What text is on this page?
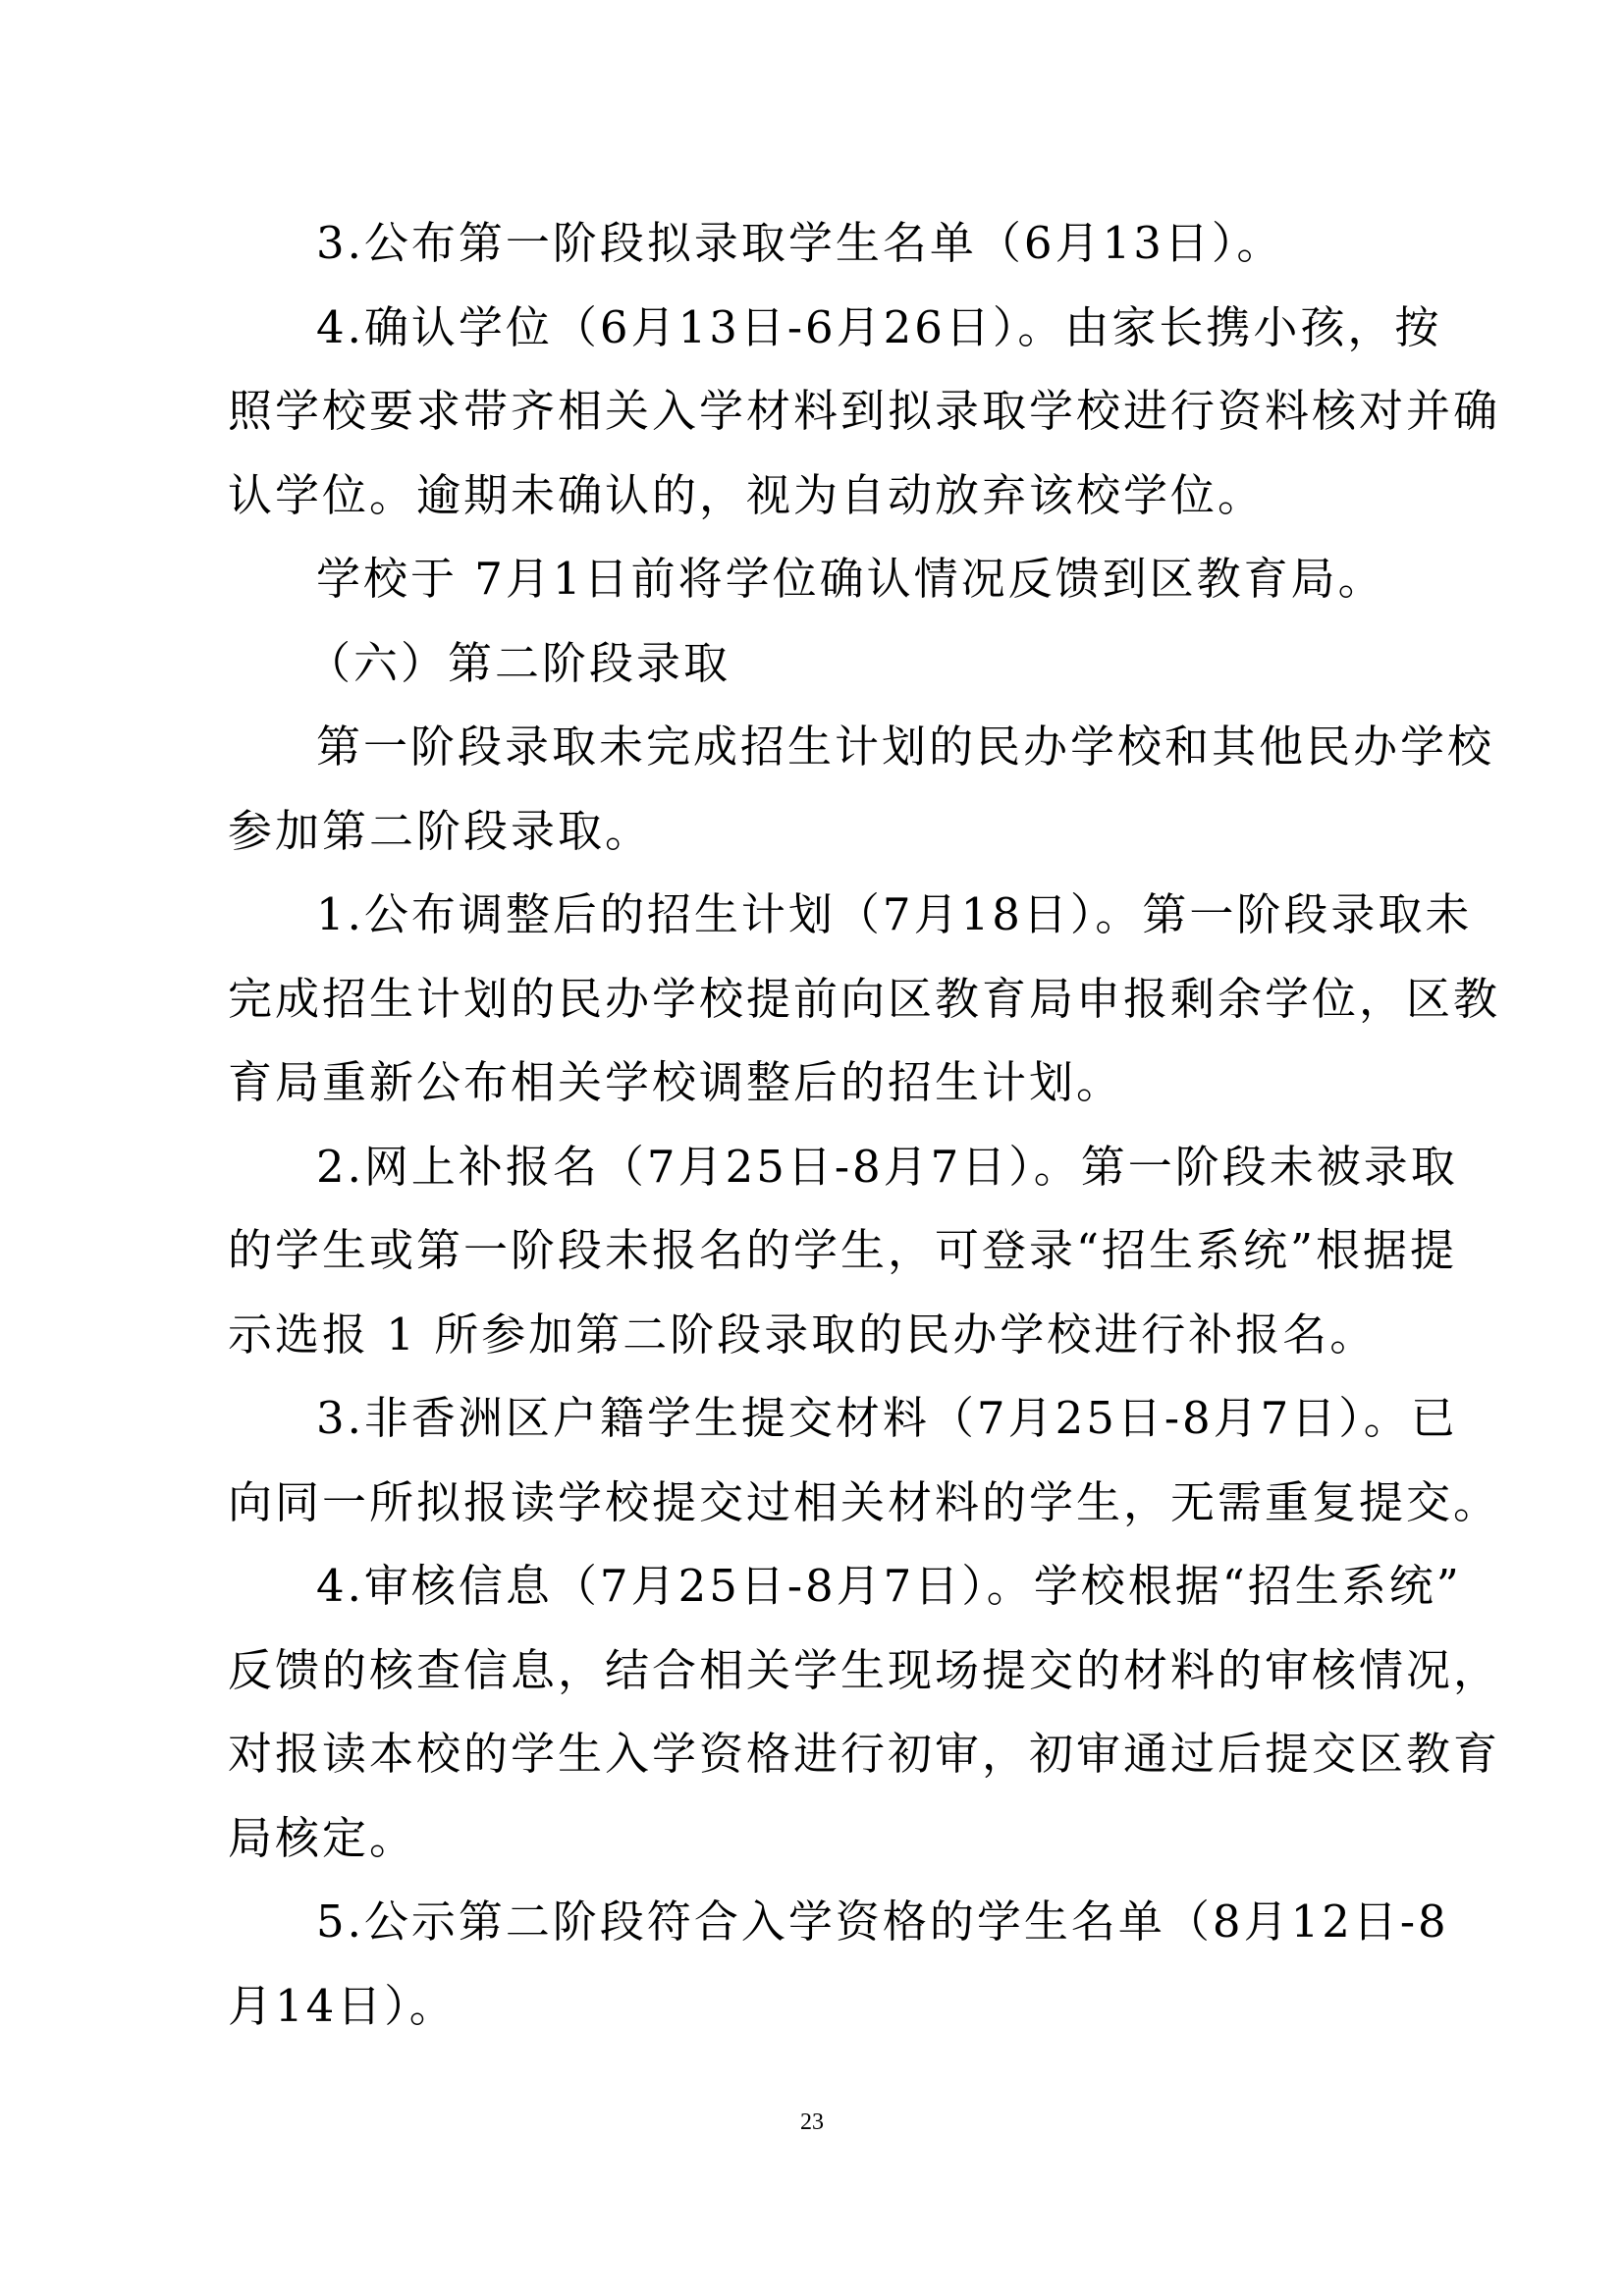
3.公布第一阶段拟录取学生名单（6月13日）。
4.确认学位（6月13日-6月26日）。由家长携小孩，按
照学校要求带齐相关入学材料到拟录取学校进行资料核对并确
认学位。逾期未确认的，视为自动放弃该校学位。
学校于 7月1日前将学位确认情况反馈到区教育局。
（六）第二阶段录取
第一阶段录取未完成招生计划的民办学校和其他民办学校
参加第二阶段录取。
1.公布调整后的招生计划（7月18日）。第一阶段录取未
完成招生计划的民办学校提前向区教育局申报剩余学位，区教
育局重新公布相关学校调整后的招生计划。
2.网上补报名（7月25日-8月7日）。第一阶段未被录取
的学生或第一阶段未报名的学生，可登录“招生系统”根据提
示选报 1 所参加第二阶段录取的民办学校进行补报名。
3.非香洲区户籍学生提交材料（7月25日-8月7日）。已
向同一所拟报读学校提交过相关材料的学生，无需重复提交。
4.审核信息（7月25日-8月7日）。学校根据“招生系统”
反馈的核查信息，结合相关学生现场提交的材料的审核情况，
对报读本校的学生入学资格进行初审，初审通过后提交区教育
局核定。
5.公示第二阶段符合入学资格的学生名单（8月12日-8
月14日）。
23
